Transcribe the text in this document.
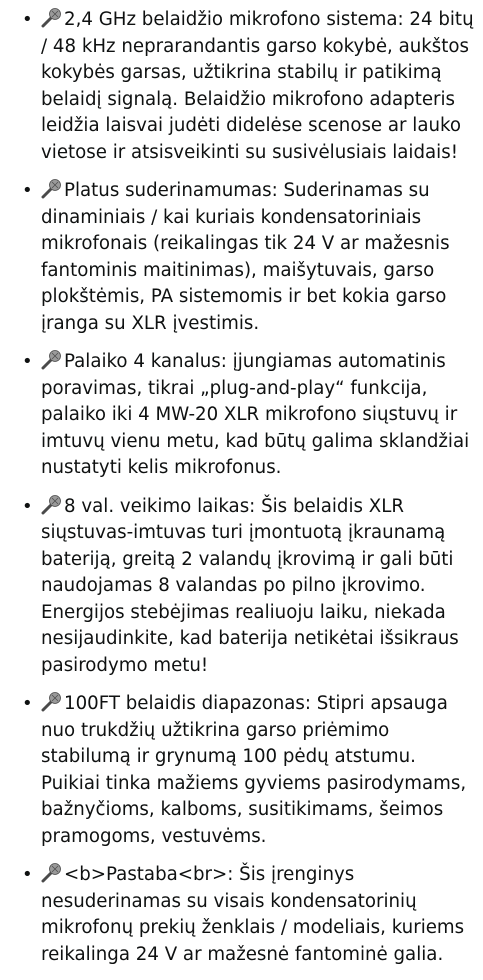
• 2,4 GHz belaidžio mikrofono sistema: 24 bitų / 48 kHz neprarandantis garso kokybė, aukštos kokybės garsas, užtikrina stabilų ir patikimą belaidį signalą. Belaidžio mikrofono adapteris leidžia laisvai judėti didelėse scenose ar lauko vietose ir atsisveikinti su susivėlusiais laidais!
• Platus suderinamumas: Suderinamas su dinaminiais / kai kuriais kondensatoriniais mikrofonais (reikalingas tik 24 V ar mažesnis fantominis maitinimas), maišytuvais, garso plokštėmis, PA sistemomis ir bet kokia garso įranga su XLR įvestimis.
• Palaiko 4 kanalus: įjungiamas automatinis poravimas, tikrai „plug-and-play“ funkcija, palaiko iki 4 MW-20 XLR mikrofono siųstuvų ir imtuvų vienu metu, kad būtų galima sklandžiai nustatyti kelis mikrofonus.
• 8 val. veikimo laikas: Šis belaidis XLR siųstuvas-imtuvas turi įmontuotą įkraunamą bateriją, greitą 2 valandų įkrovimą ir gali būti naudojamas 8 valandas po pilno įkrovimo. Energijos stebėjimas realiuoju laiku, niekada nesijaudinkite, kad baterija netikėtai išsikraus pasirodymo metu!
• 100FT belaidis diapazonas: Stipri apsauga nuo trukdžių užtikrina garso priėmimo stabilumą ir grynumą 100 pėdų atstumu. Puikiai tinka mažiems gyviems pasirodymams, bažnyčioms, kalboms, susitikimams, šeimos pramogoms, vestuvėms.
• <b>Pastaba<br>: Šis įrenginys nesuderinamas su visais kondensatorinių mikrofonų prekių ženklais / modeliais, kuriems reikalinga 24 V ar mažesnė fantominė galia.
